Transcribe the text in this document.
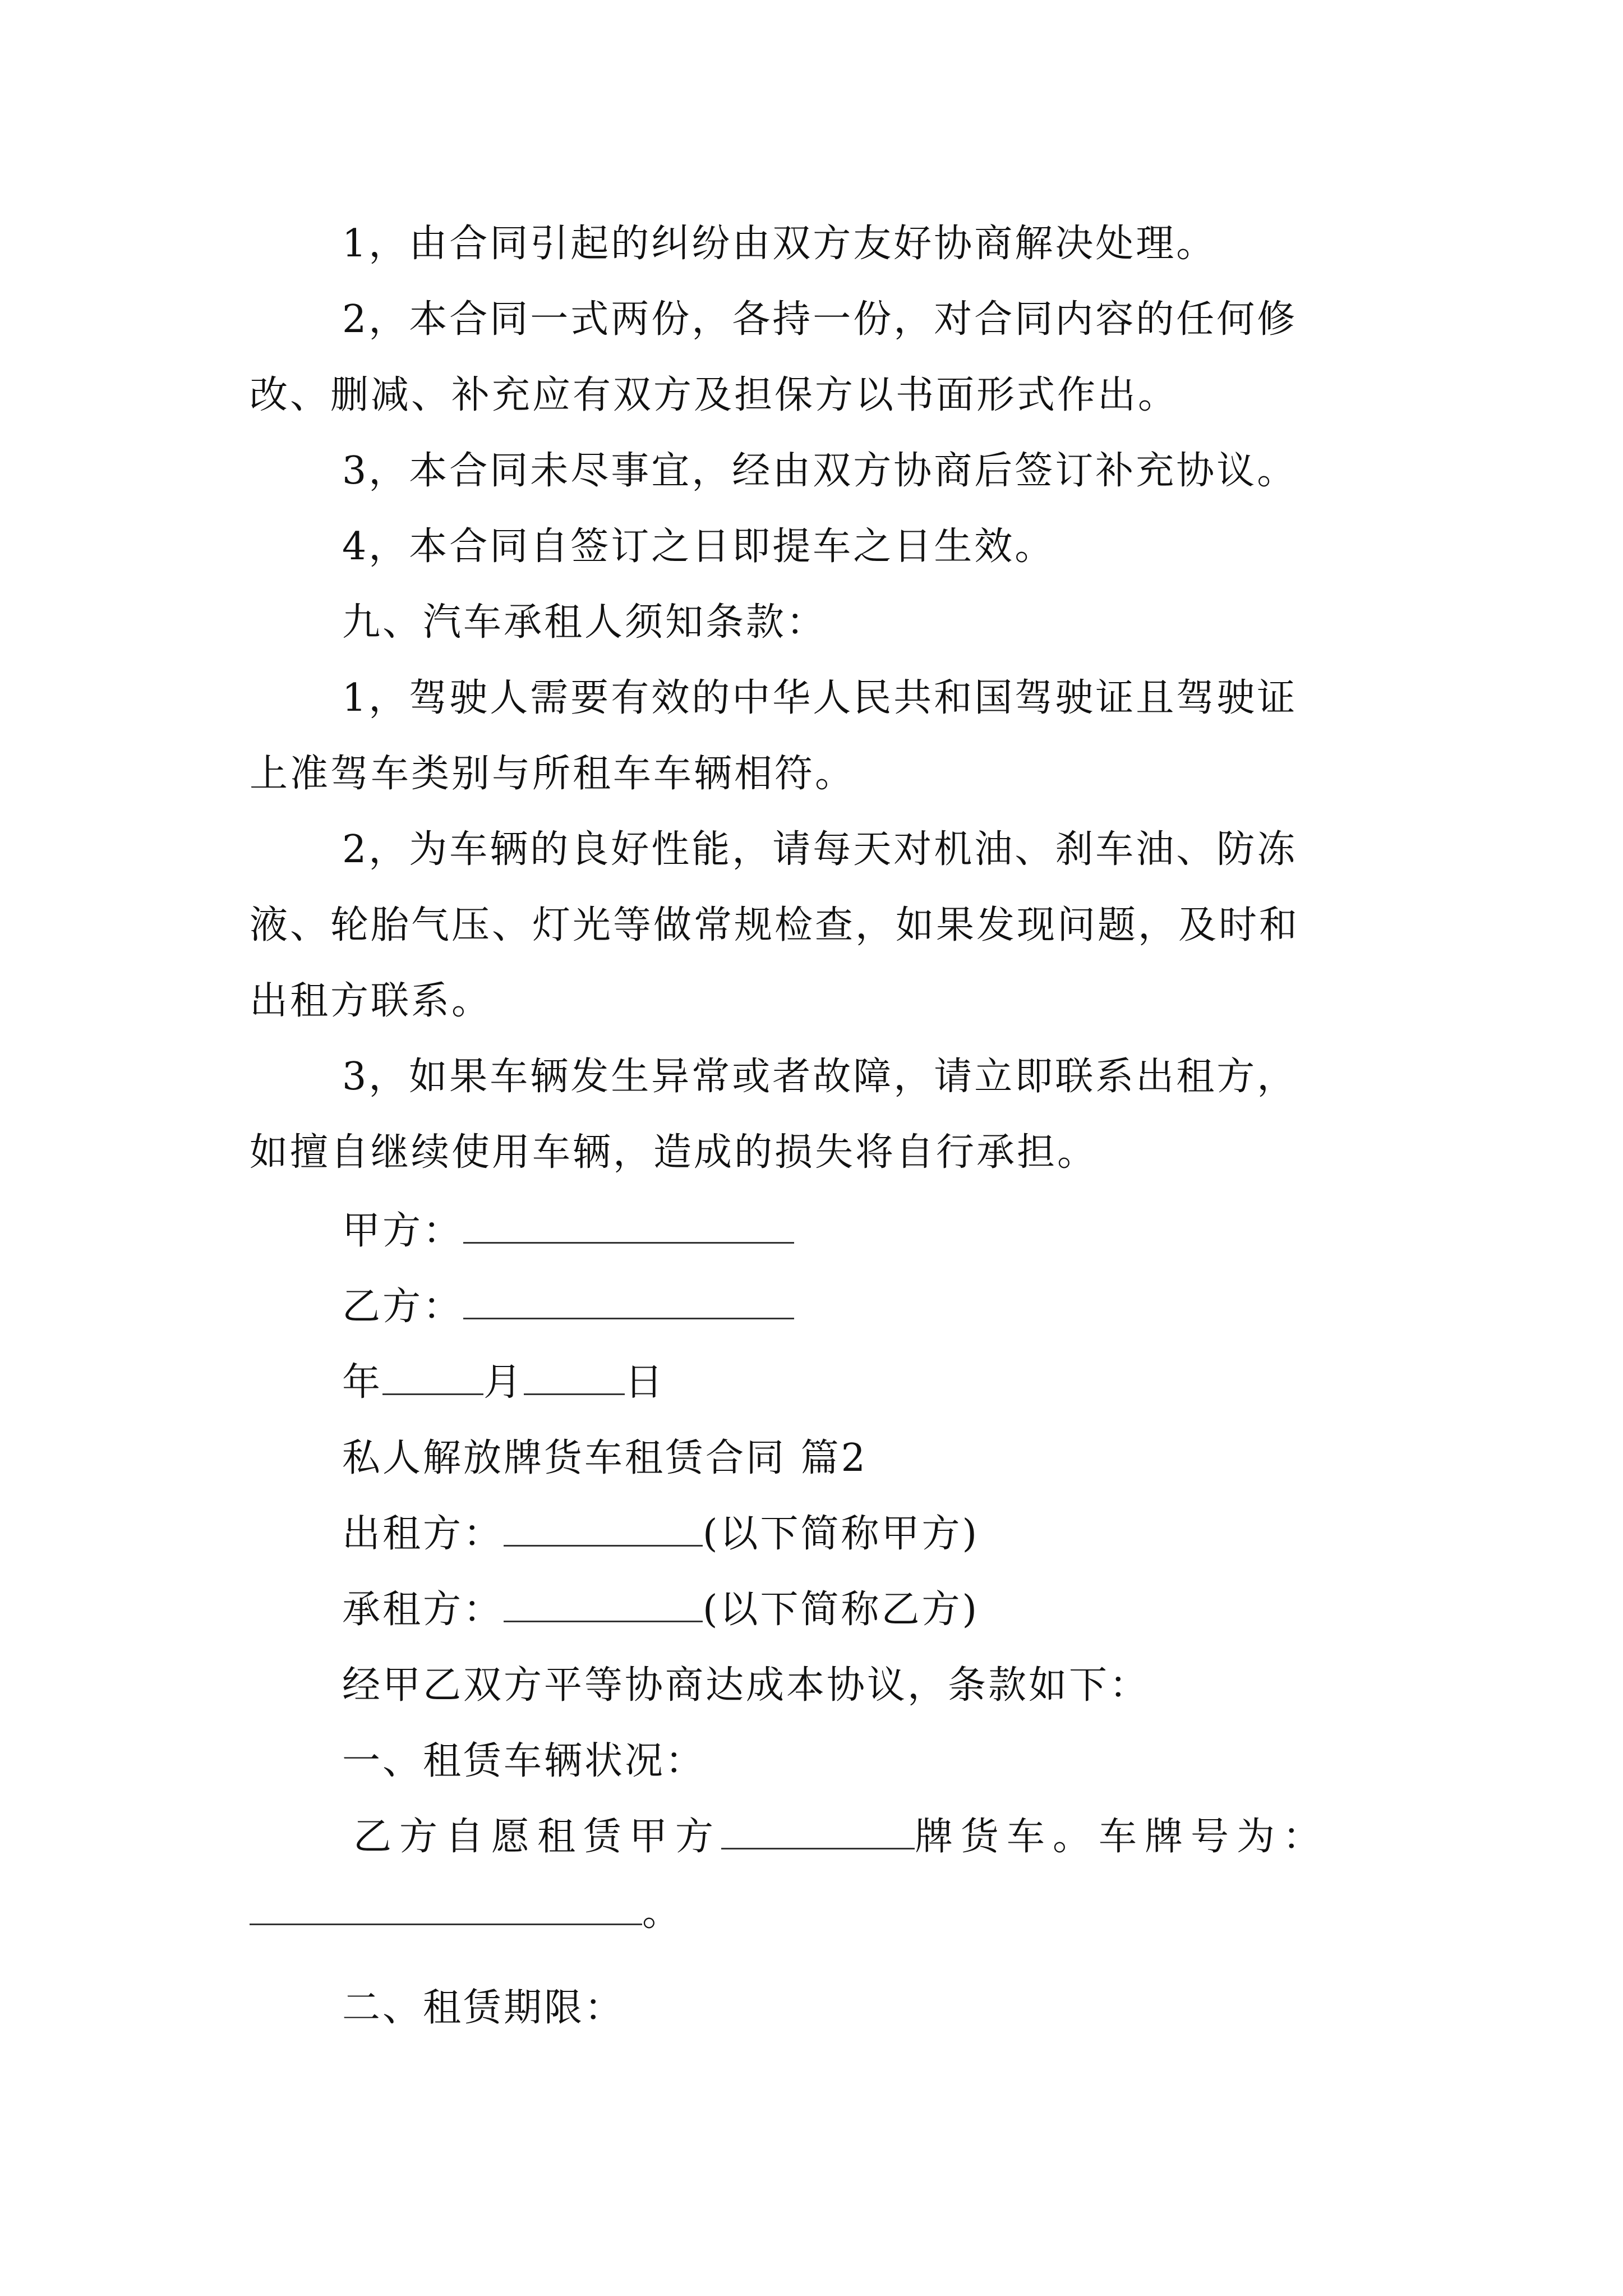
1，由合同引起的纠纷由双方友好协商解决处理。
2，本合同一式两份，各持一份，对合同内容的任何修
改、删减、补充应有双方及担保方以书面形式作出。
3，本合同未尽事宜，经由双方协商后签订补充协议。
4，本合同自签订之日即提车之日生效。
九、汽车承租人须知条款：
1，驾驶人需要有效的中华人民共和国驾驶证且驾驶证
上准驾车类别与所租车车辆相符。
2，为车辆的良好性能，请每天对机油、刹车油、防冻
液、轮胎气压、灯光等做常规检查，如果发现问题，及时和
出租方联系。
3，如果车辆发生异常或者故障，请立即联系出租方，
如擅自继续使用车辆，造成的损失将自行承担。
甲方：
乙方：
年	月	日
私人解放牌货车租赁合同 篇2
出租方：	(以下简称甲方)
承租方：	(以下简称乙方)
经甲乙双方平等协商达成本协议，条款如下：
一、租赁车辆状况：
乙方自愿租赁甲方	牌货车。车牌号为：
。
二、租赁期限：
